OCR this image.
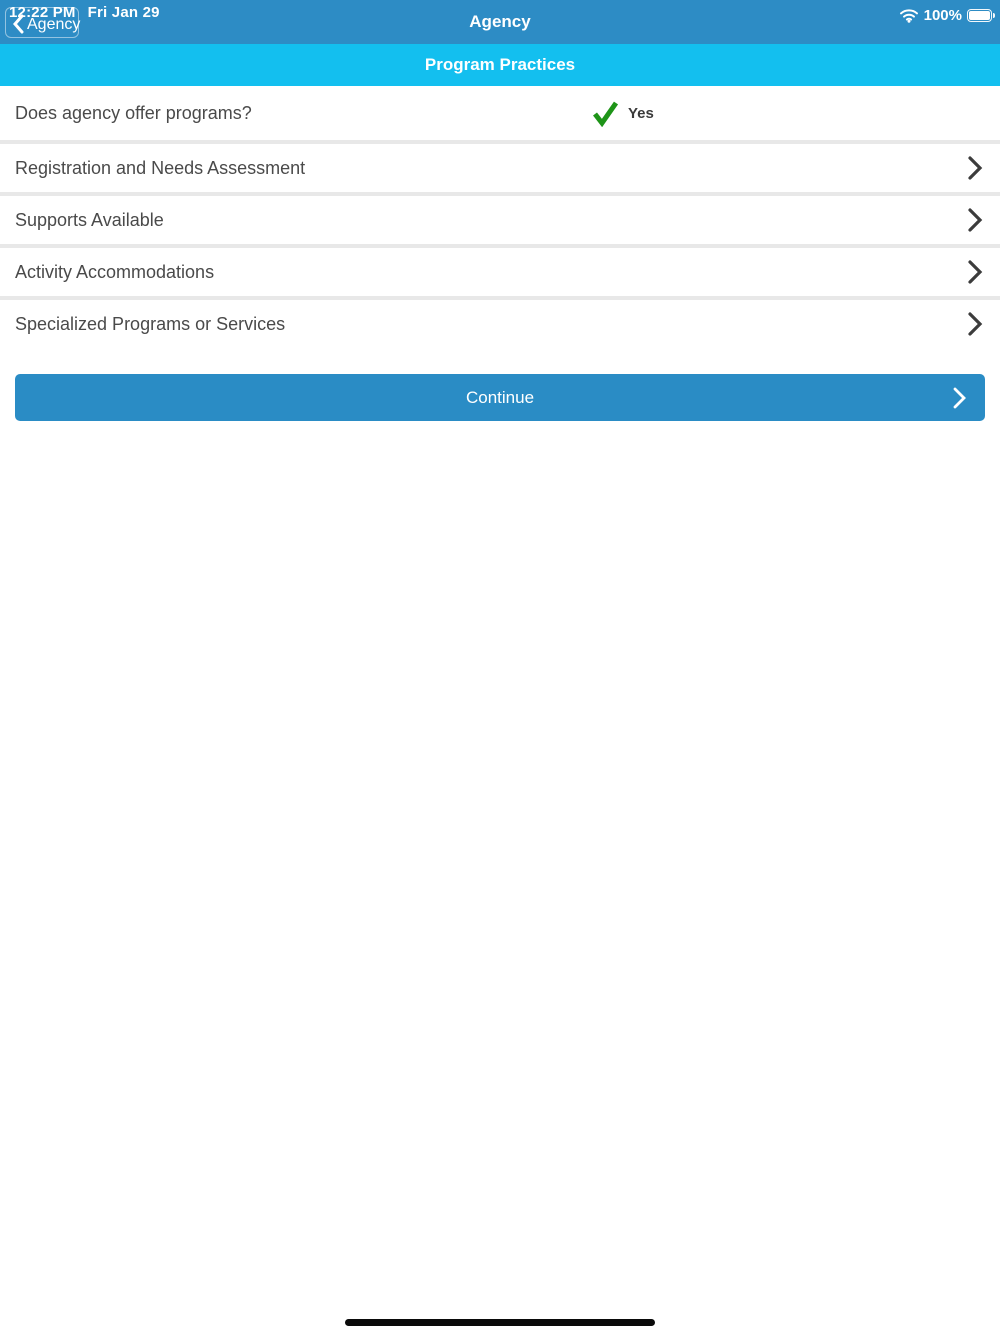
12:22 PM Fri Jan 29
Agency	Agency	100%
Program Practices
Does agency offer programs?	Yes
Registration and Needs Assessment
Supports Available
Activity Accommodations
Specialized Programs or Services
Continue
